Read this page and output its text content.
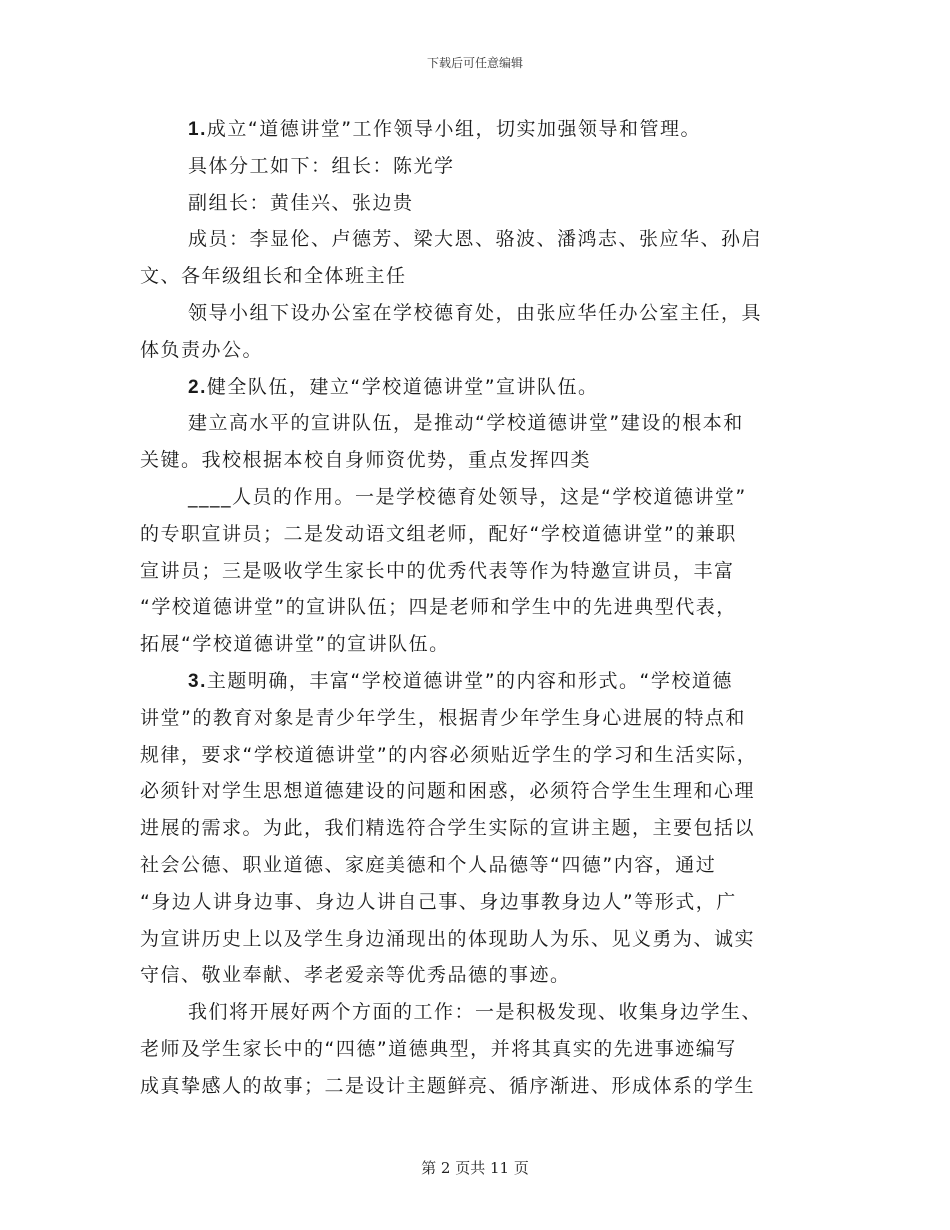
下载后可任意编辑
1.成立“道德讲堂”工作领导小组，切实加强领导和管理。
具体分工如下：组长：陈光学
副组长：黄佳兴、张边贵
成员：李显伦、卢德芳、梁大恩、骆波、潘鸿志、张应华、孙启
文、各年级组长和全体班主任
领导小组下设办公室在学校德育处，由张应华任办公室主任，具
体负责办公。
2.健全队伍，建立“学校道德讲堂”宣讲队伍。
建立高水平的宣讲队伍，是推动“学校道德讲堂”建设的根本和
关键。我校根据本校自身师资优势，重点发挥四类
____人员的作用。一是学校德育处领导，这是“学校道德讲堂”
的专职宣讲员；二是发动语文组老师，配好“学校道德讲堂”的兼职
宣讲员；三是吸收学生家长中的优秀代表等作为特邀宣讲员，丰富
“学校道德讲堂”的宣讲队伍；四是老师和学生中的先进典型代表，
拓展“学校道德讲堂”的宣讲队伍。
3.主题明确，丰富“学校道德讲堂”的内容和形式。“学校道德
讲堂”的教育对象是青少年学生，根据青少年学生身心进展的特点和
规律，要求“学校道德讲堂”的内容必须贴近学生的学习和生活实际，
必须针对学生思想道德建设的问题和困惑，必须符合学生生理和心理
进展的需求。为此，我们精选符合学生实际的宣讲主题，主要包括以
社会公德、职业道德、家庭美德和个人品德等“四德”内容，通过
“身边人讲身边事、身边人讲自己事、身边事教身边人”等形式，广
为宣讲历史上以及学生身边涌现出的体现助人为乐、见义勇为、诚实
守信、敬业奉献、孝老爱亲等优秀品德的事迹。
我们将开展好两个方面的工作：一是积极发现、收集身边学生、
老师及学生家长中的“四德”道德典型，并将其真实的先进事迹编写
成真挚感人的故事；二是设计主题鲜亮、循序渐进、形成体系的学生
第 2 页共 11 页
